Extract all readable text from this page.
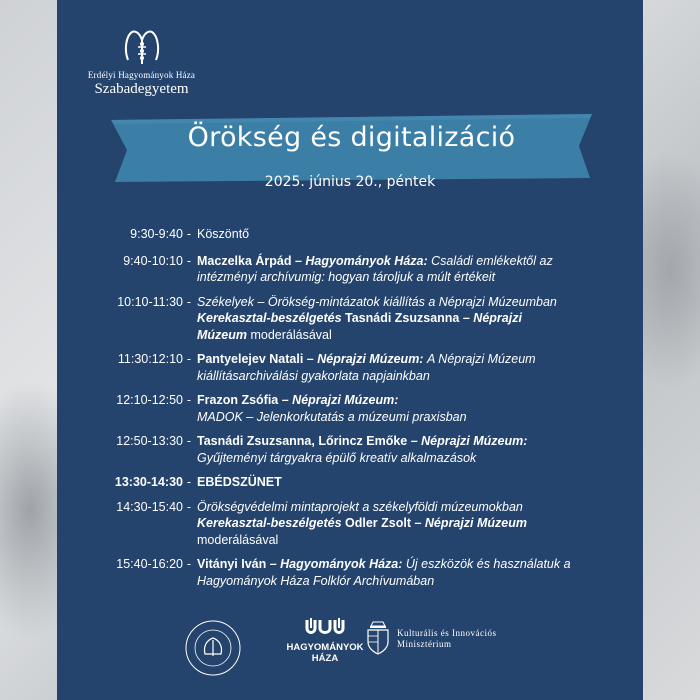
Erdélyi Hagyományok Háza
Szabadegyetem
Örökség és digitalizáció
9:30-9:40 - Köszöntő
9:40-10:10 - Maczelka Árpád – Hagyományok Háza: Családi emlékektől az
intézményi archívumig: hogyan tároljuk a múlt értékeit
10:10-11:30 - Székelyek – Örökség-mintázatok kiállítás a Néprajzi Múzeumban
Kerekasztal-beszélgetés Tasnádi Zsuzsanna – Néprajzi
Múzeum moderálásával
11:30:12:10 - Pantyelejev Natali – Néprajzi Múzeum: A Néprajzi Múzeum
kiállításarchiválási gyakorlata napjainkban
12:10-12:50 - Frazon Zsófia – Néprajzi Múzeum:
MADOK – Jelenkorkutatás a múzeumi praxisban
12:50-13:30 - Tasnádi Zsuzsanna, Lőrincz Emőke – Néprajzi Múzeum:
Gyűjteményi tárgyakra épülő kreatív alkalmazások
13:30-14:30 - EBÉDSZÜNET
14:30-15:40 - Örökségvédelmi mintaprojekt a székelyföldi múzeumokban
Kerekasztal-beszélgetés Odler Zsolt – Néprajzi Múzeum
moderálásával
15:40-16:20 - Vitányi Iván – Hagyományok Háza: Új eszközök és használatuk a
Hagyományok Háza Folklór Archívumában
HAGYOMÁNYOK
HÁZA
Kulturális és Innovációs
Minisztérium
2025. június 20., péntek
